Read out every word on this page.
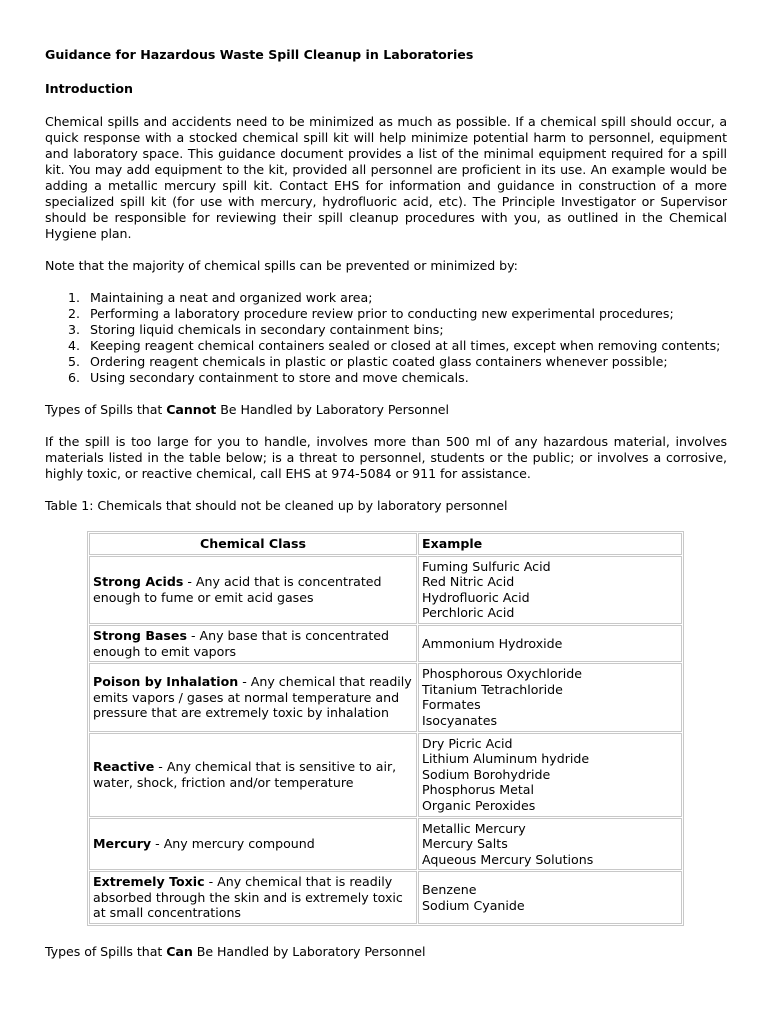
Guidance for Hazardous Waste Spill Cleanup in Laboratories

Introduction

Chemical spills and accidents need to be minimized as much as possible. If a chemical spill should occur, a quick response with a stocked chemical spill kit will help minimize potential harm to personnel, equipment and laboratory space. This guidance document provides a list of the minimal equipment required for a spill kit. You may add equipment to the kit, provided all personnel are proficient in its use. An example would be adding a metallic mercury spill kit. Contact EHS for information and guidance in construction of a more specialized spill kit (for use with mercury, hydrofluoric acid, etc). The Principle Investigator or Supervisor should be responsible for reviewing their spill cleanup procedures with you, as outlined in the Chemical Hygiene plan.

Note that the majority of chemical spills can be prevented or minimized by:

1. Maintaining a neat and organized work area;
2. Performing a laboratory procedure review prior to conducting new experimental procedures;
3. Storing liquid chemicals in secondary containment bins;
4. Keeping reagent chemical containers sealed or closed at all times, except when removing contents;
5. Ordering reagent chemicals in plastic or plastic coated glass containers whenever possible;
6. Using secondary containment to store and move chemicals.

Types of Spills that Cannot Be Handled by Laboratory Personnel

If the spill is too large for you to handle, involves more than 500 ml of any hazardous material, involves materials listed in the table below; is a threat to personnel, students or the public; or involves a corrosive, highly toxic, or reactive chemical, call EHS at 974-5084 or 911 for assistance.

Table 1: Chemicals that should not be cleaned up by laboratory personnel

Chemical Class	Example
Strong Acids - Any acid that is concentrated enough to fume or emit acid gases	Fuming Sulfuric Acid
Red Nitric Acid
Hydrofluoric Acid
Perchloric Acid

Strong Bases - Any base that is concentrated enough to emit vapors	Ammonium Hydroxide

Poison by Inhalation - Any chemical that readily emits vapors / gases at normal temperature and pressure that are extremely toxic by inhalation	Phosphorous Oxychloride
Titanium Tetrachloride
Formates
Isocyanates

Reactive - Any chemical that is sensitive to air, water, shock, friction and/or temperature	Dry Picric Acid
Lithium Aluminum hydride
Sodium Borohydride
Phosphorus Metal
Organic Peroxides

Mercury - Any mercury compound	Metallic Mercury
Mercury Salts
Aqueous Mercury Solutions

Extremely Toxic - Any chemical that is readily absorbed through the skin and is extremely toxic at small concentrations	Benzene
Sodium Cyanide

Types of Spills that Can Be Handled by Laboratory Personnel
